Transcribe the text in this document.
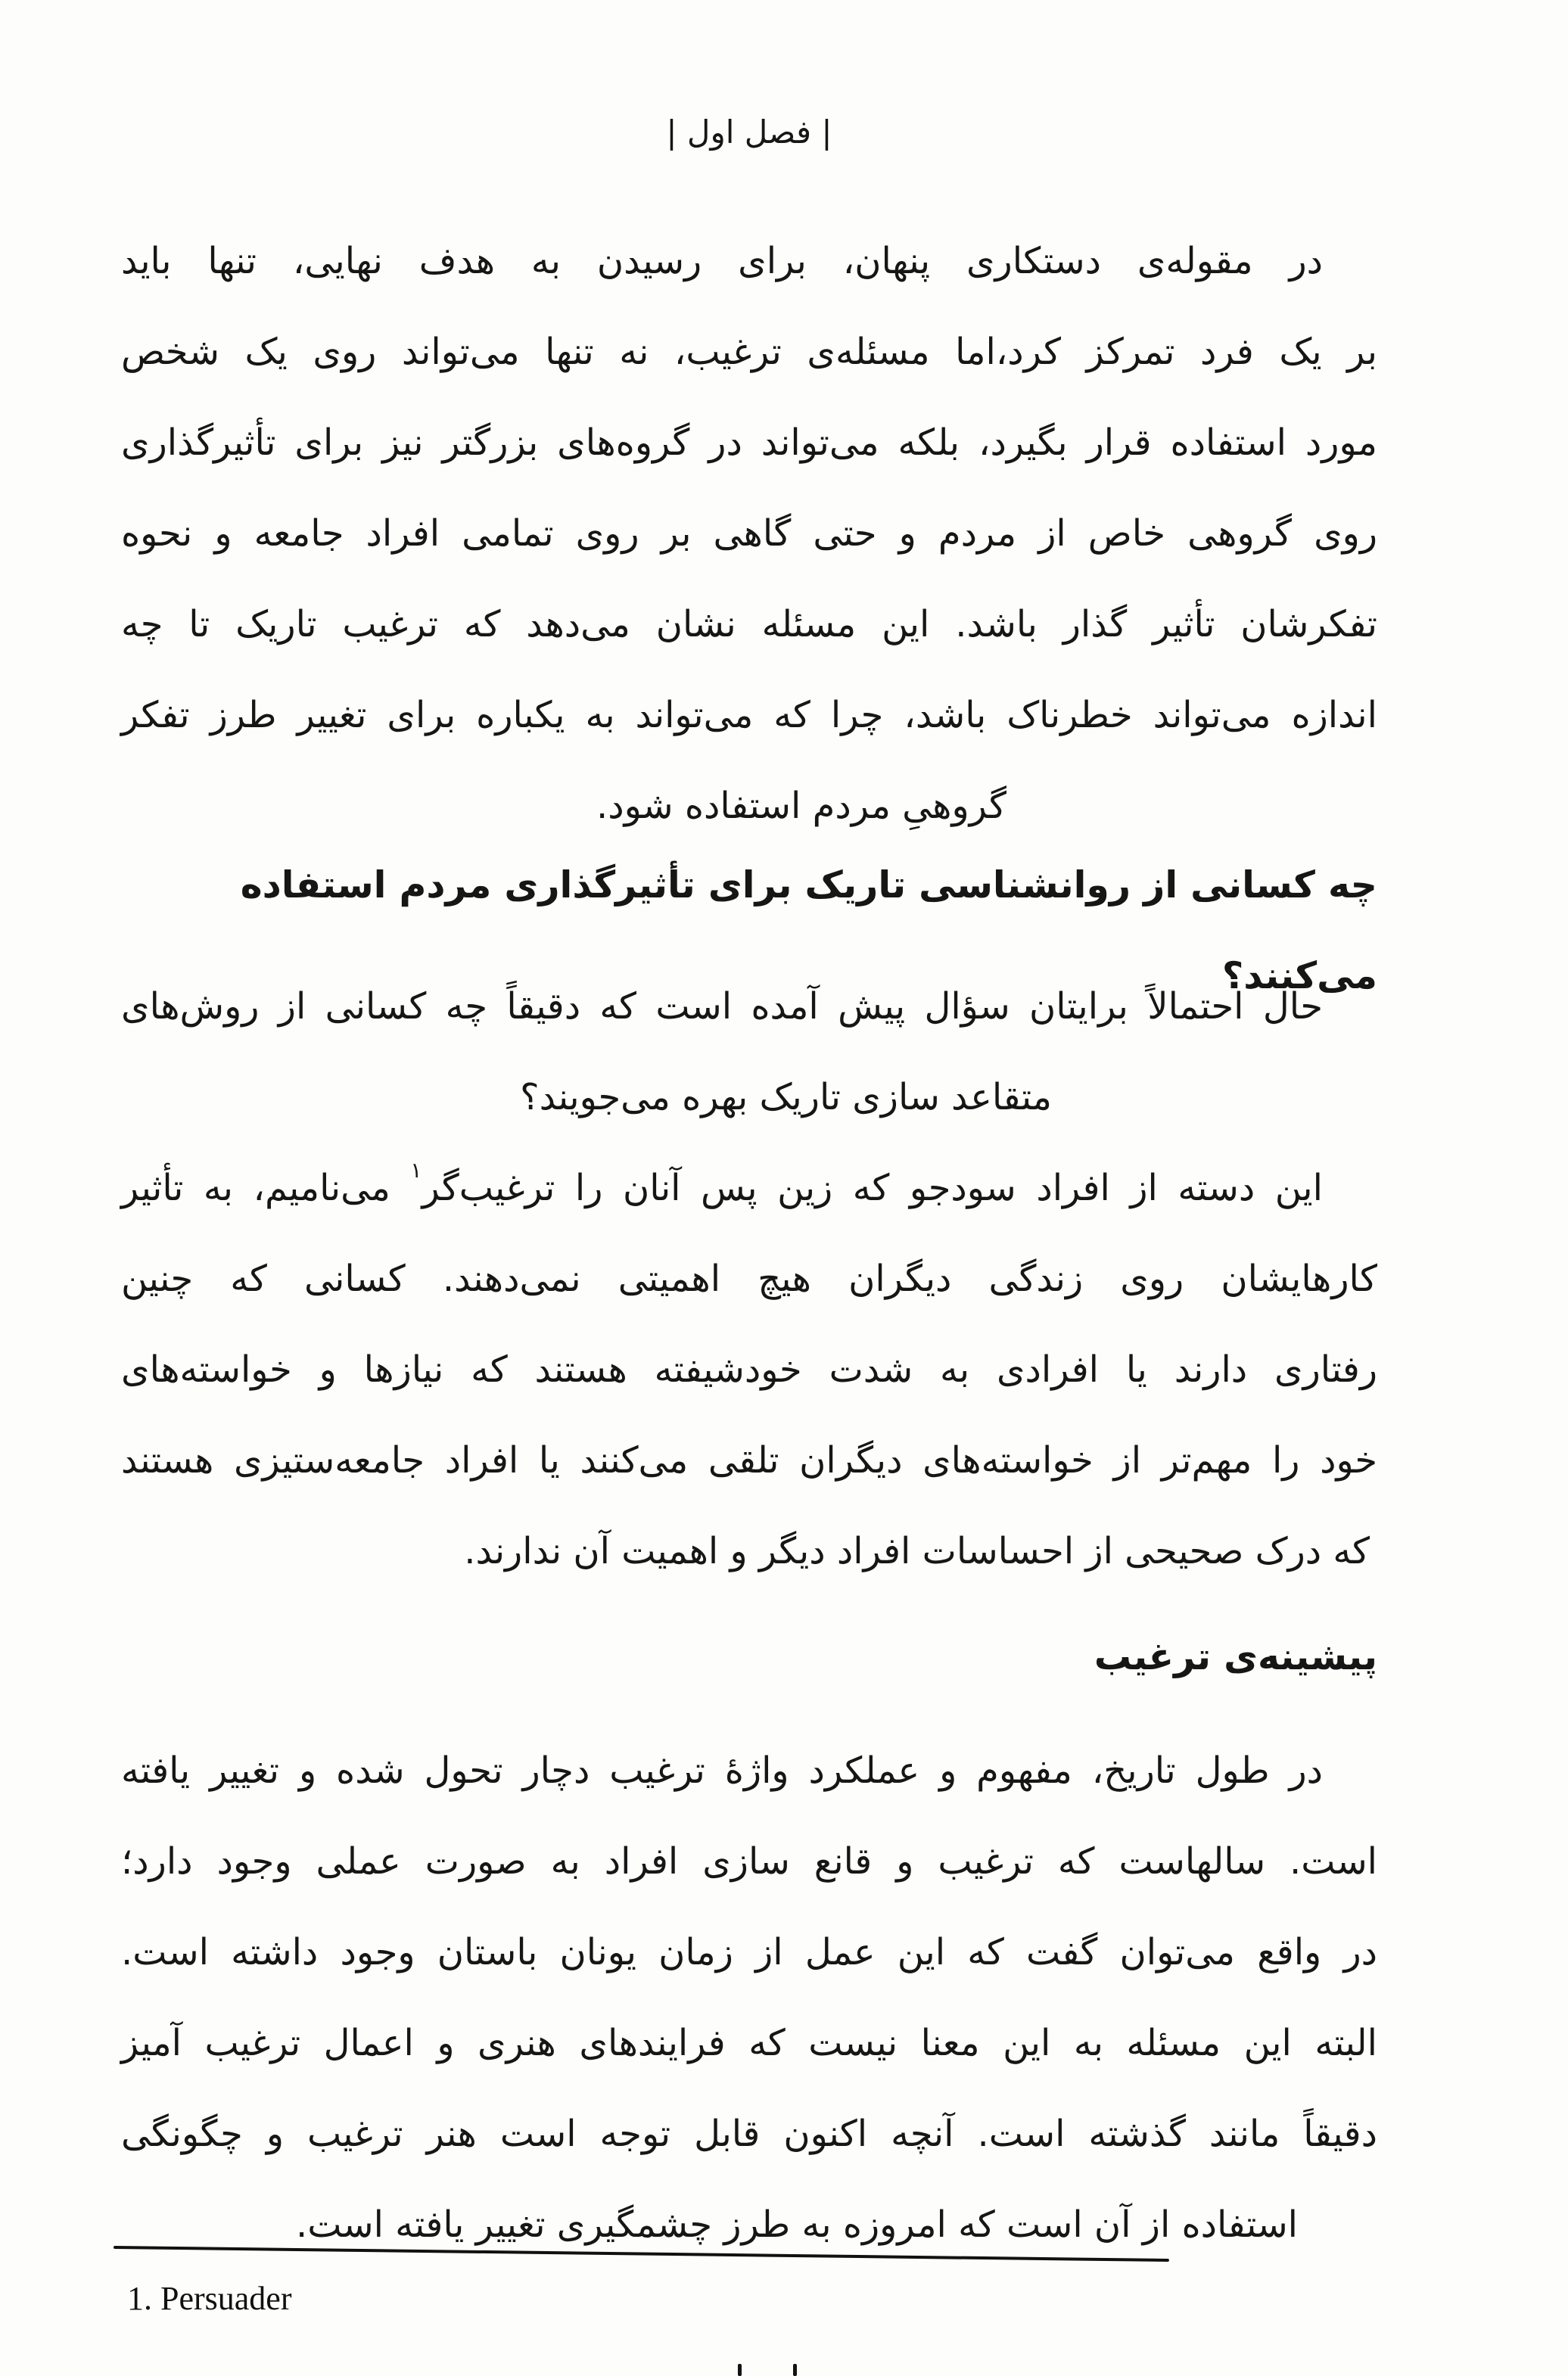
| فصل اول |
در مقوله‌ی دستکاری پنهان، برای رسیدن به هدف نهایی، تنها باید
بر یک فرد تمرکز کرد،اما مسئله‌ی ترغیب، نه تنها می‌تواند روی یک شخص
مورد استفاده قرار بگیرد، بلکه می‌تواند در گروه‌های بزرگتر نیز برای تأثیرگذاری
روی گروهی خاص از مردم و حتی گاهی بر روی تمامی افراد جامعه و نحوه
تفکرشان تأثیر گذار باشد. این مسئله نشان می‌دهد که ترغیب تاریک تا چه
اندازه می‌تواند خطرناک باشد، چرا که می‌تواند به یکباره برای تغییر طرز تفکر
گروهیِ مردم استفاده شود.
چه کسانی از روانشناسی تاریک برای تأثیرگذاری مردم استفاده می‌کنند؟
حال احتمالاً برایتان سؤال پیش آمده است که دقیقاً چه کسانی از روش‌های
متقاعد سازی تاریک بهره می‌جویند؟
این دسته از افراد سودجو که زین پس آنان را ترغیب‌گر$^۱$ می‌نامیم، به تأثیر
کارهایشان روی زندگی دیگران هیچ اهمیتی نمی‌دهند. کسانی که چنین
رفتاری دارند یا افرادی به شدت خودشیفته هستند که نیازها و خواسته‌های
خود را مهم‌تر از خواسته‌های دیگران تلقی می‌کنند یا افراد جامعه‌ستیزی هستند
که درک صحیحی از احساسات افراد دیگر و اهمیت آن ندارند.
پیشینه‌ی ترغیب
در طول تاریخ، مفهوم و عملکرد واژهٔ ترغیب دچار تحول شده و تغییر یافته
است. سالهاست که ترغیب و قانع سازی افراد به صورت عملی وجود دارد؛
در واقع می‌توان گفت که این عمل از زمان یونان باستان وجود داشته است.
البته این مسئله به این معنا نیست که فرایندهای هنری و اعمال ترغیب آمیز
دقیقاً مانند گذشته است. آنچه اکنون قابل توجه است هنر ترغیب و چگونگی
استفاده از آن است که امروزه به طرز چشمگیری تغییر یافته است.
1. Persuader
